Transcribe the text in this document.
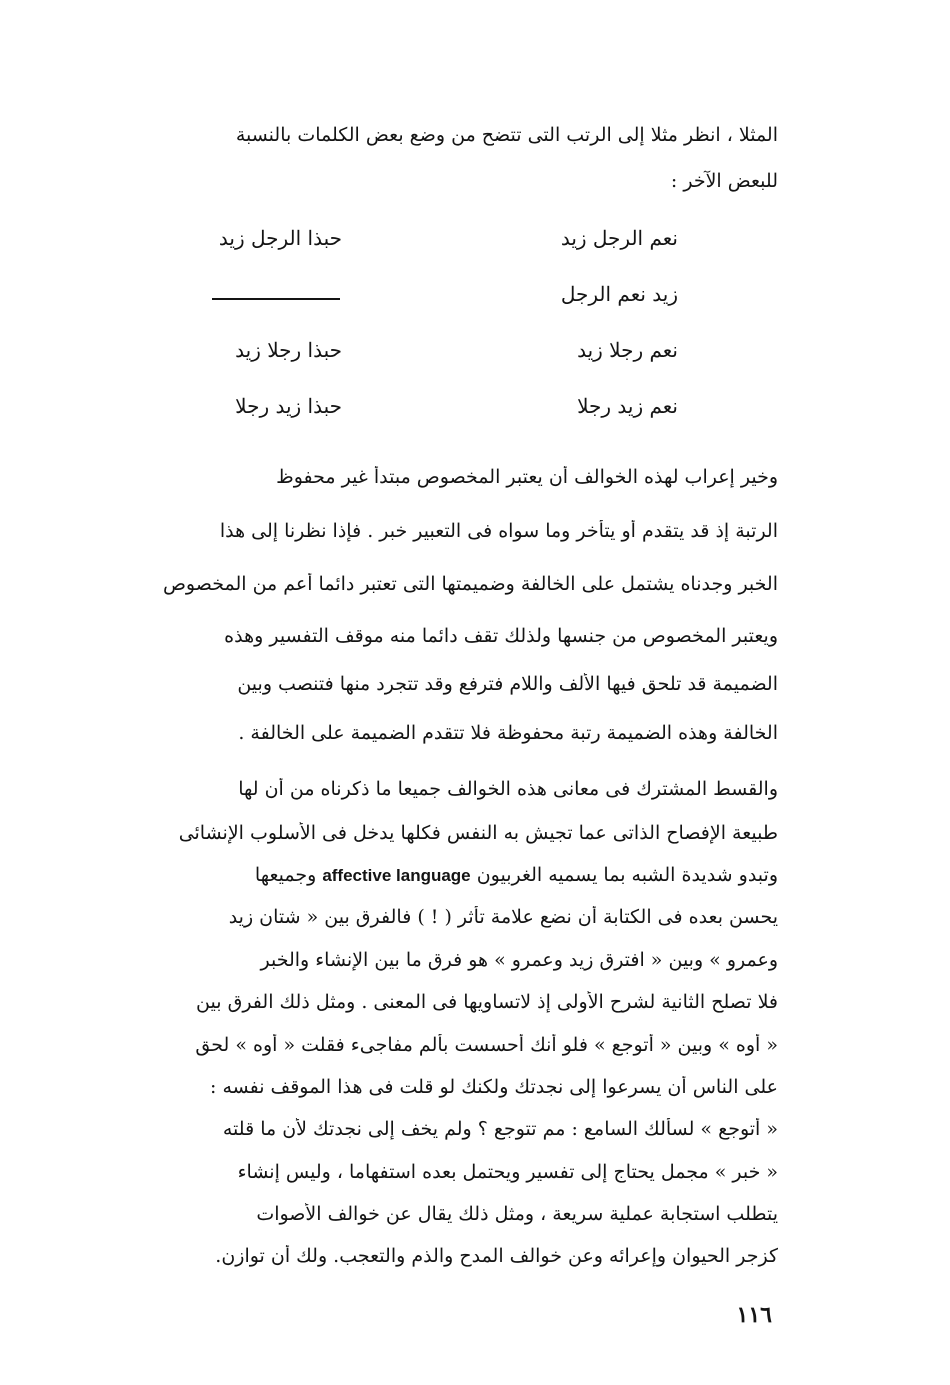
المثلا ، انظر مثلا إلى الرتب التى تتضح من وضع بعض الكلمات بالنسبة
للبعض الآخر :
نعم الرجل زيد
حبذا الرجل زيد
زيد نعم الرجل
نعم رجلا زيد
حبذا رجلا زيد
نعم زيد رجلا
حبذا زيد رجلا
وخير إعراب لهذه الخوالف أن يعتبر المخصوص مبتدأ غير محفوظ
الرتبة إذ قد يتقدم أو يتأخر وما سواه فى التعبير خبر . فإذا نظرنا إلى هذا
الخبر وجدناه يشتمل على الخالفة وضميمتها التى تعتبر دائما أعم من المخصوص
ويعتبر المخصوص من جنسها ولذلك تقف دائما منه موقف التفسير وهذه
الضميمة قد تلحق فيها الألف واللام فترفع وقد تتجرد منها فتنصب وبين
الخالفة وهذه الضميمة رتبة محفوظة فلا تتقدم الضميمة على الخالفة .
والقسط المشترك فى معانى هذه الخوالف جميعا ما ذكرناه من أن لها
طبيعة الإفصاح الذاتى عما تجيش به النفس فكلها يدخل فى الأسلوب الإنشائى
وتبدو شديدة الشبه بما يسميه الغربيون affective language وجميعها
يحسن بعده فى الكتابة أن نضع علامة تأثر ( ! ) فالفرق بين « شتان زيد
وعمرو » وبين « افترق زيد وعمرو » هو فرق ما بين الإنشاء والخبر
فلا تصلح الثانية لشرح الأولى إذ لاتساويها فى المعنى . ومثل ذلك الفرق بين
« أوه » وبين « أتوجع » فلو أنك أحسست بألم مفاجىء فقلت « أوه » لحق
على الناس أن يسرعوا إلى نجدتك ولكنك لو قلت فى هذا الموقف نفسه :
« أتوجع » لسألك السامع : مم تتوجع ؟ ولم يخف إلى نجدتك لأن ما قلته
« خبر » مجمل يحتاج إلى تفسير ويحتمل بعده استفهاما ، وليس إنشاء
يتطلب استجابة عملية سريعة ، ومثل ذلك يقال عن خوالف الأصوات
كزجر الحيوان وإعرائه وعن خوالف المدح والذم والتعجب. ولك أن توازن.
١١٦
